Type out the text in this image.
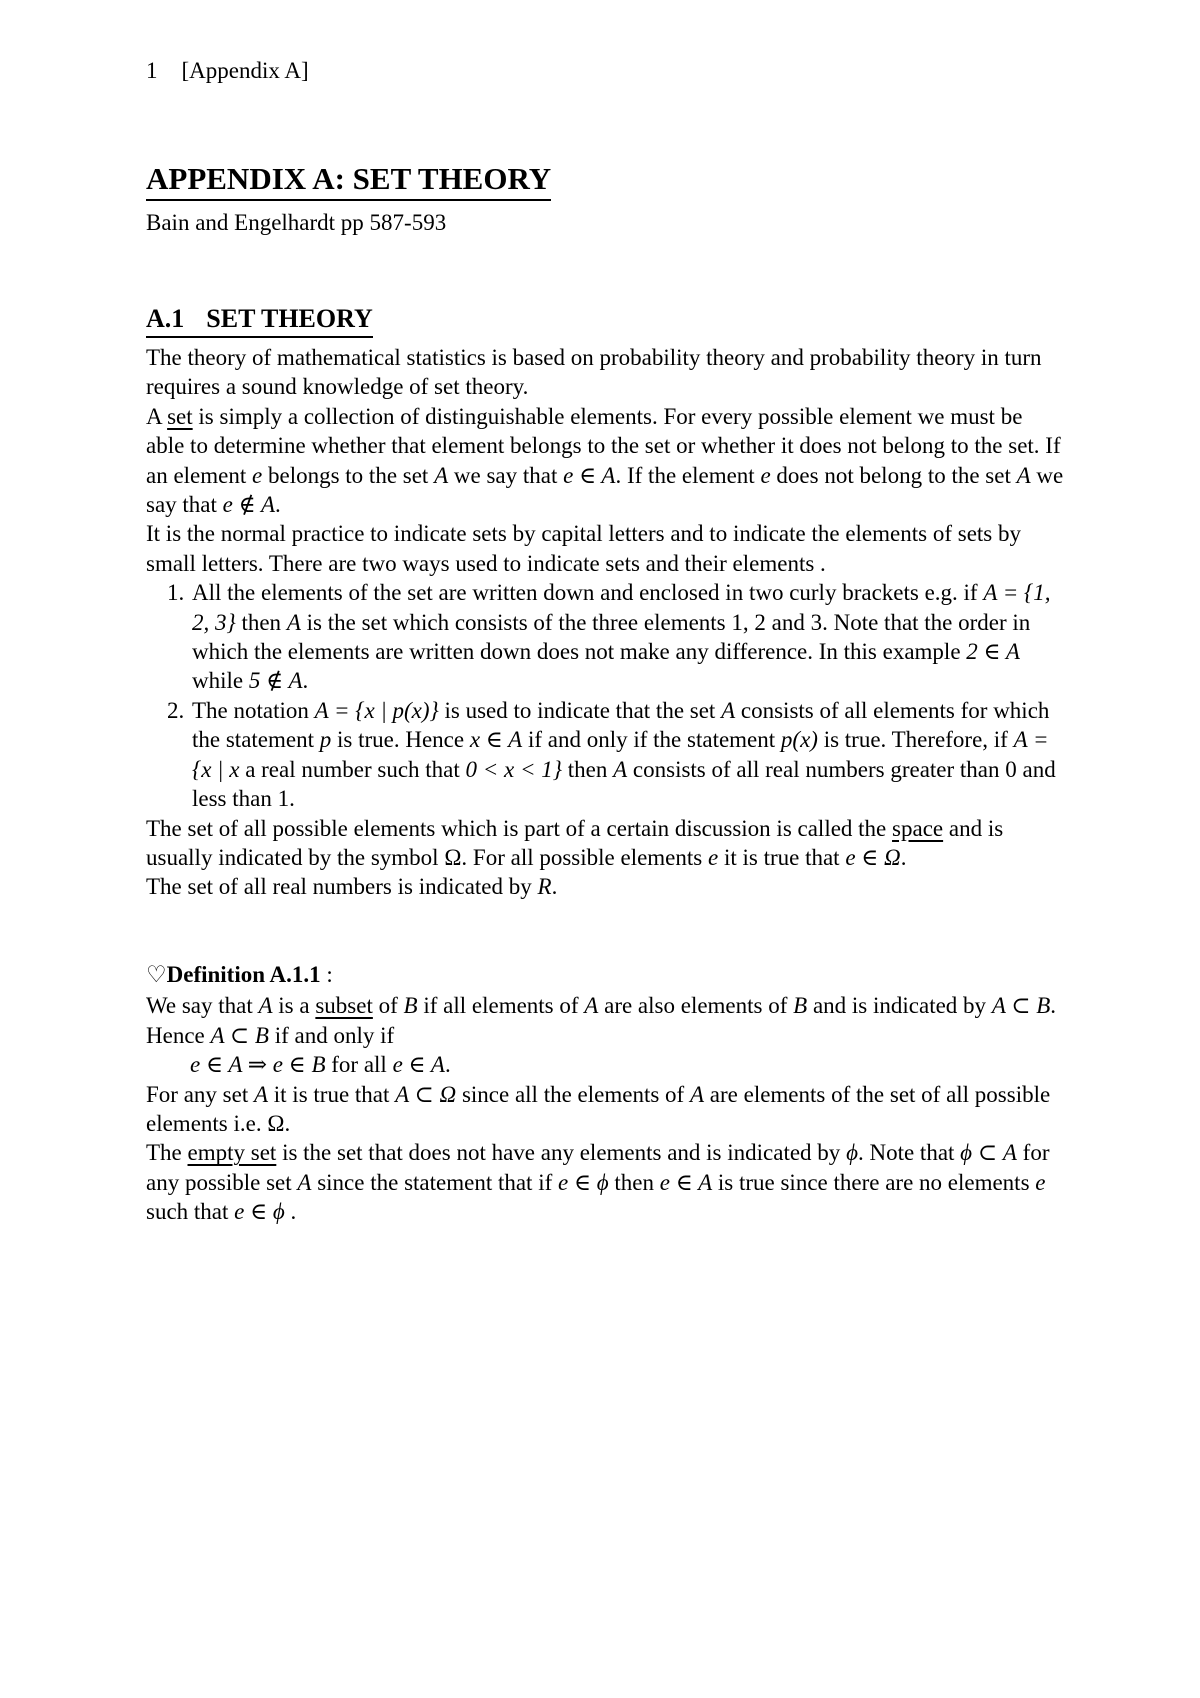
1 [Appendix A]
APPENDIX A: SET THEORY
Bain and Engelhardt pp 587-593
A.1 SET THEORY

The theory of mathematical statistics is based on probability theory and probability theory in turn requires a sound knowledge of set theory.

A set is simply a collection of distinguishable elements. For every possible element we must be able to determine whether that element belongs to the set or whether it does not belong to the set. If an element e belongs to the set A we say that e ∈ A. If the element e does not belong to the set A we say that e ∉ A.

It is the normal practice to indicate sets by capital letters and to indicate the elements of sets by small letters. There are two ways used to indicate sets and their elements .

1. All the elements of the set are written down and enclosed in two curly brackets e.g. if A = {1, 2, 3} then A is the set which consists of the three elements 1, 2 and 3. Note that the order in which the elements are written down does not make any difference. In this example 2 ∈ A while 5 ∉ A.
2. The notation A = {x | p(x)} is used to indicate that the set A consists of all elements for which the statement p is true. Hence x ∈ A if and only if the statement p(x) is true. Therefore, if A = {x | x a real number such that 0 < x < 1} then A consists of all real numbers greater than 0 and less than 1.

The set of all possible elements which is part of a certain discussion is called the space and is usually indicated by the symbol Ω. For all possible elements e it is true that e ∈ Ω.

The set of all real numbers is indicated by R.

♡Definition A.1.1 :

We say that A is a subset of B if all elements of A are also elements of B and is indicated by A ⊂ B. Hence A ⊂ B if and only if

e ∈ A ⇒ e ∈ B for all e ∈ A.

For any set A it is true that A ⊂ Ω since all the elements of A are elements of the set of all possible elements i.e. Ω.

The empty set is the set that does not have any elements and is indicated by ϕ. Note that ϕ ⊂ A for any possible set A since the statement that if e ∈ ϕ then e ∈ A is true since there are no elements e such that e ∈ ϕ .
